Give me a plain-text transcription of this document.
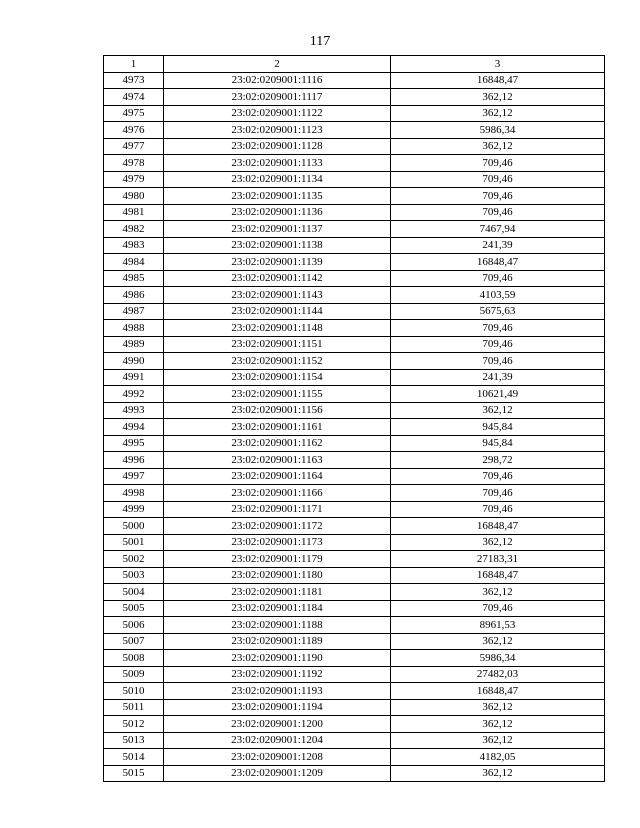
117
1	2	3
4973	23:02:0209001:1116	16848,47
4974	23:02:0209001:1117	362,12
4975	23:02:0209001:1122	362,12
4976	23:02:0209001:1123	5986,34
4977	23:02:0209001:1128	362,12
4978	23:02:0209001:1133	709,46
4979	23:02:0209001:1134	709,46
4980	23:02:0209001:1135	709,46
4981	23:02:0209001:1136	709,46
4982	23:02:0209001:1137	7467,94
4983	23:02:0209001:1138	241,39
4984	23:02:0209001:1139	16848,47
4985	23:02:0209001:1142	709,46
4986	23:02:0209001:1143	4103,59
4987	23:02:0209001:1144	5675,63
4988	23:02:0209001:1148	709,46
4989	23:02:0209001:1151	709,46
4990	23:02:0209001:1152	709,46
4991	23:02:0209001:1154	241,39
4992	23:02:0209001:1155	10621,49
4993	23:02:0209001:1156	362,12
4994	23:02:0209001:1161	945,84
4995	23:02:0209001:1162	945,84
4996	23:02:0209001:1163	298,72
4997	23:02:0209001:1164	709,46
4998	23:02:0209001:1166	709,46
4999	23:02:0209001:1171	709,46
5000	23:02:0209001:1172	16848,47
5001	23:02:0209001:1173	362,12
5002	23:02:0209001:1179	27183,31
5003	23:02:0209001:1180	16848,47
5004	23:02:0209001:1181	362,12
5005	23:02:0209001:1184	709,46
5006	23:02:0209001:1188	8961,53
5007	23:02:0209001:1189	362,12
5008	23:02:0209001:1190	5986,34
5009	23:02:0209001:1192	27482,03
5010	23:02:0209001:1193	16848,47
5011	23:02:0209001:1194	362,12
5012	23:02:0209001:1200	362,12
5013	23:02:0209001:1204	362,12
5014	23:02:0209001:1208	4182,05
5015	23:02:0209001:1209	362,12
